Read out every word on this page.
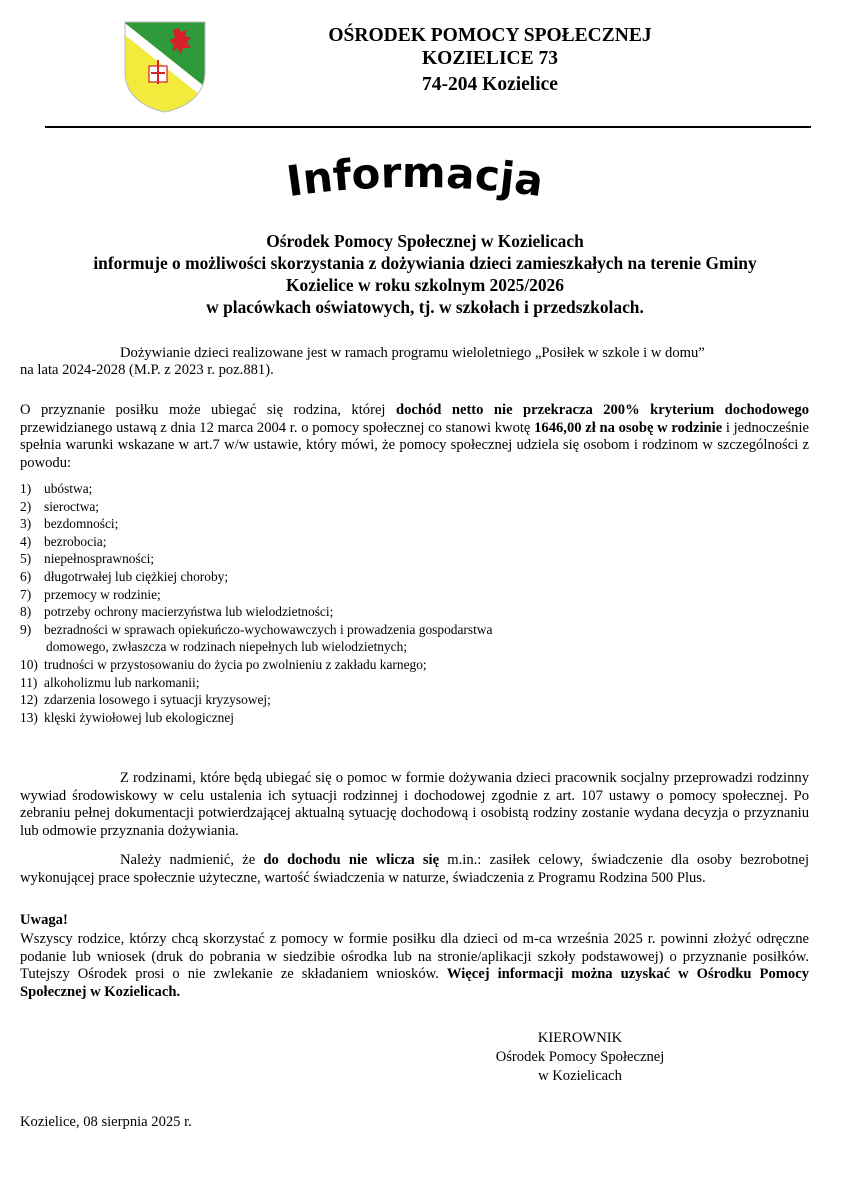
OŚRODEK POMOCY SPOŁECZNEJ
KOZIELICE 73
74-204 Kozielice
Informacja
Ośrodek Pomocy Społecznej w Kozielicach
informuje o możliwości skorzystania z dożywiania dzieci zamieszkałych na terenie Gminy
Kozielice w roku szkolnym 2025/2026
w placówkach oświatowych, tj. w szkołach i przedszkolach.
Dożywianie dzieci realizowane jest w ramach programu wieloletniego „Posiłek w szkole i w domu”
na lata 2024-2028 (M.P. z 2023 r. poz.881).
O przyznanie posiłku może ubiegać się rodzina, której dochód netto nie przekracza 200% kryterium dochodowego przewidzianego ustawą z dnia 12 marca 2004 r. o pomocy społecznej co stanowi kwotę 1646,00 zł na osobę w rodzinie i jednocześnie spełnia warunki wskazane w art.7 w/w ustawie, który mówi, że pomocy społecznej udziela się osobom i rodzinom w szczególności z powodu:
1) ubóstwa;
2) sieroctwa;
3) bezdomności;
4) bezrobocia;
5) niepełnosprawności;
6) długotrwałej lub ciężkiej choroby;
7) przemocy w rodzinie;
8) potrzeby ochrony macierzyństwa lub wielodzietności;
9) bezradności w sprawach opiekuńczo-wychowawczych i prowadzenia gospodarstwa
domowego, zwłaszcza w rodzinach niepełnych lub wielodzietnych;
10) trudności w przystosowaniu do życia po zwolnieniu z zakładu karnego;
11) alkoholizmu lub narkomanii;
12) zdarzenia losowego i sytuacji kryzysowej;
13) klęski żywiołowej lub ekologicznej
Z rodzinami, które będą ubiegać się o pomoc w formie dożywania dzieci pracownik socjalny przeprowadzi rodzinny wywiad środowiskowy w celu ustalenia ich sytuacji rodzinnej i dochodowej zgodnie z art. 107 ustawy o pomocy społecznej. Po zebraniu pełnej dokumentacji potwierdzającej aktualną sytuację dochodową i osobistą rodziny zostanie wydana decyzja o przyznaniu lub odmowie przyznania dożywiania.
Należy nadmienić, że do dochodu nie wlicza się m.in.: zasiłek celowy, świadczenie dla osoby bezrobotnej wykonującej prace społecznie użyteczne, wartość świadczenia w naturze, świadczenia z Programu Rodzina 500 Plus.
Uwaga!
Wszyscy rodzice, którzy chcą skorzystać z pomocy w formie posiłku dla dzieci od m-ca września 2025 r. powinni złożyć odręczne podanie lub wniosek (druk do pobrania w siedzibie ośrodka lub na stronie/aplikacji szkoły podstawowej) o przyznanie posiłków. Tutejszy Ośrodek prosi o nie zwlekanie ze składaniem wniosków. Więcej informacji można uzyskać w Ośrodku Pomocy Społecznej w Kozielicach.
KIEROWNIK
Ośrodek Pomocy Społecznej
w Kozielicach
Kozielice, 08 sierpnia 2025 r.
